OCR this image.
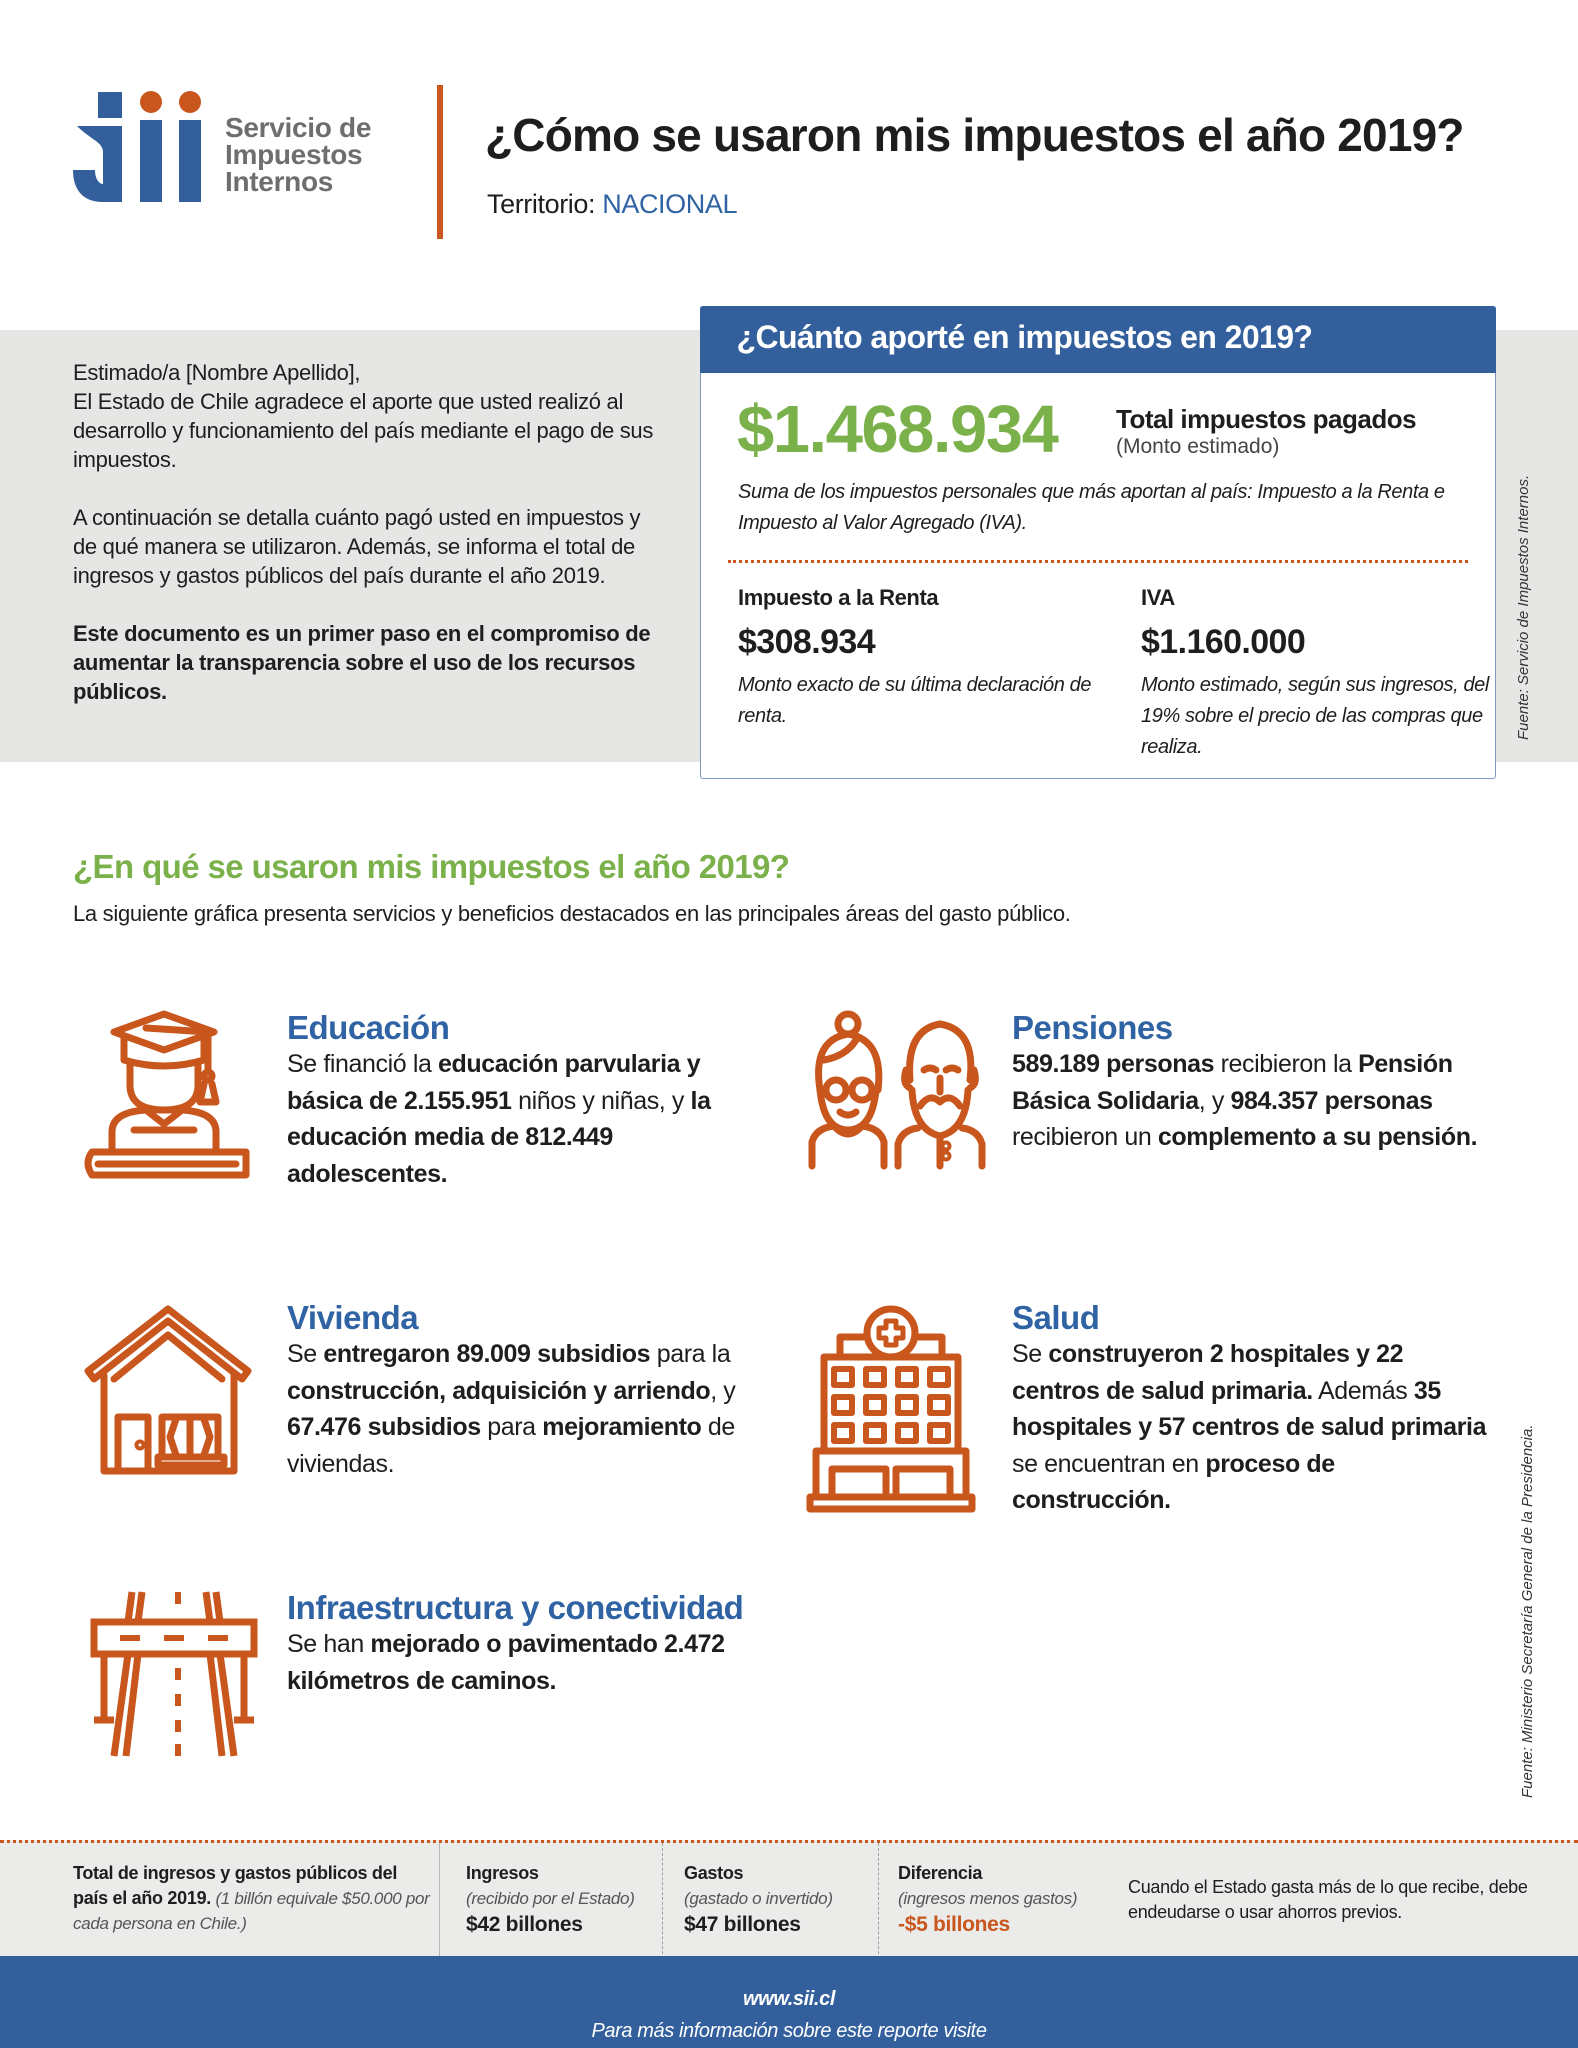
Servicio de
Impuestos
Internos
¿Cómo se usaron mis impuestos el año 2019?
Territorio: NACIONAL

Estimado/a [Nombre Apellido],
El Estado de Chile agradece el aporte que usted realizó al desarrollo y funcionamiento del país mediante el pago de sus impuestos.

A continuación se detalla cuánto pagó usted en impuestos y de qué manera se utilizaron. Además, se informa el total de ingresos y gastos públicos del país durante el año 2019.

Este documento es un primer paso en el compromiso de aumentar la transparencia sobre el uso de los recursos públicos.

¿Cuánto aporté en impuestos en 2019?
$1.468.934 Total impuestos pagados
(Monto estimado)
Suma de los impuestos personales que más aportan al país: Impuesto a la Renta e Impuesto al Valor Agregado (IVA).
Impuesto a la Renta
$308.934
Monto exacto de su última declaración de renta.
IVA
$1.160.000
Monto estimado, según sus ingresos, del 19% sobre el precio de las compras que realiza.
Fuente: Servicio de Impuestos Internos.
¿En qué se usaron mis impuestos el año 2019?
La siguiente gráfica presenta servicios y beneficios destacados en las principales áreas del gasto público.
Educación
Se financió la educación parvularia y básica de 2.155.951 niños y niñas, y la educación media de 812.449 adolescentes.
Pensiones
589.189 personas recibieron la Pensión Básica Solidaria, y 984.357 personas recibieron un complemento a su pensión.
Vivienda
Se entregaron 89.009 subsidios para la construcción, adquisición y arriendo, y 67.476 subsidios para mejoramiento de viviendas.
Salud
Se construyeron 2 hospitales y 22 centros de salud primaria. Además 35 hospitales y 57 centros de salud primaria se encuentran en proceso de construcción.
Infraestructura y conectividad
Se han mejorado o pavimentado 2.472 kilómetros de caminos.	Fuente: Ministerio Secretaría General de la Presidencia.
Total de ingresos y gastos públicos del país el año 2019. (1 billón equivale $50.000 por cada persona en Chile.)
Ingresos
(recibido por el Estado)
$42 billones
Gastos
(gastado o invertido)
$47 billones
Diferencia
(ingresos menos gastos)
-$5 billones
Cuando el Estado gasta más de lo que recibe, debe endeudarse o usar ahorros previos.
Para más información sobre este reporte visite
www.sii.cl
